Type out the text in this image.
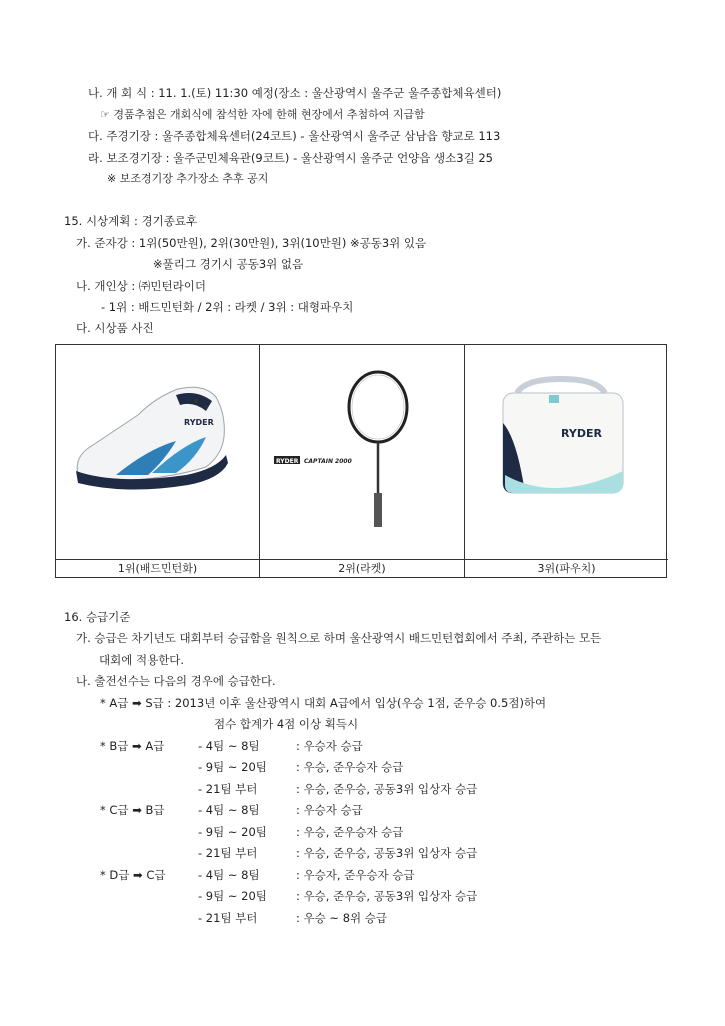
나. 개 회 식 : 11. 1.(토) 11:30 예정(장소 : 울산광역시 울주군 울주종합체육센터)
☞ 경품추첨은 개회식에 참석한 자에 한해 현장에서 추첨하여 지급함
다. 주경기장 : 울주종합체육센터(24코트) - 울산광역시 울주군 삼남읍 향교로 113
라. 보조경기장 : 울주군민체육관(9코트) - 울산광역시 울주군 언양읍 생소3길 25
※ 보조경기장 추가장소 추후 공지
15. 시상계획 : 경기종료후
가. 준자강 : 1위(50만원), 2위(30만원), 3위(10만원) ※공동3위 있음
※풀리그 경기시 공동3위 없음
나. 개인상 : ㈜민턴라이더
- 1위 : 배드민턴화 / 2위 : 라켓 / 3위 : 대형파우치
다. 시상품 사진
RYDER
1위(배드민턴화)
RYDER CAPTAIN 2000
2위(라켓)
RYDER
3위(파우치)
16. 승급기준
가. 승급은 차기년도 대회부터 승급함을 원칙으로 하며 울산광역시 배드민턴협회에서 주최, 주관하는 모든
대회에 적용한다.
나. 출전선수는 다음의 경우에 승급한다.
* A급 ➡ S급 : 2013년 이후 울산광역시 대회 A급에서 입상(우승 1점, 준우승 0.5점)하여
점수 합계가 4점 이상 획득시
* B급 ➡ A급	- 4팀 ~ 8팀	: 우승자 승급
- 9팀 ~ 20팀	: 우승, 준우승자 승급
- 21팀 부터	: 우승, 준우승, 공동3위 입상자 승급
* C급 ➡ B급	- 4팀 ~ 8팀	: 우승자 승급
- 9팀 ~ 20팀	: 우승, 준우승자 승급
- 21팀 부터	: 우승, 준우승, 공동3위 입상자 승급
* D급 ➡ C급	- 4팀 ~ 8팀	: 우승자, 준우승자 승급
- 9팀 ~ 20팀	: 우승, 준우승, 공동3위 입상자 승급
- 21팀 부터	: 우승 ~ 8위 승급
